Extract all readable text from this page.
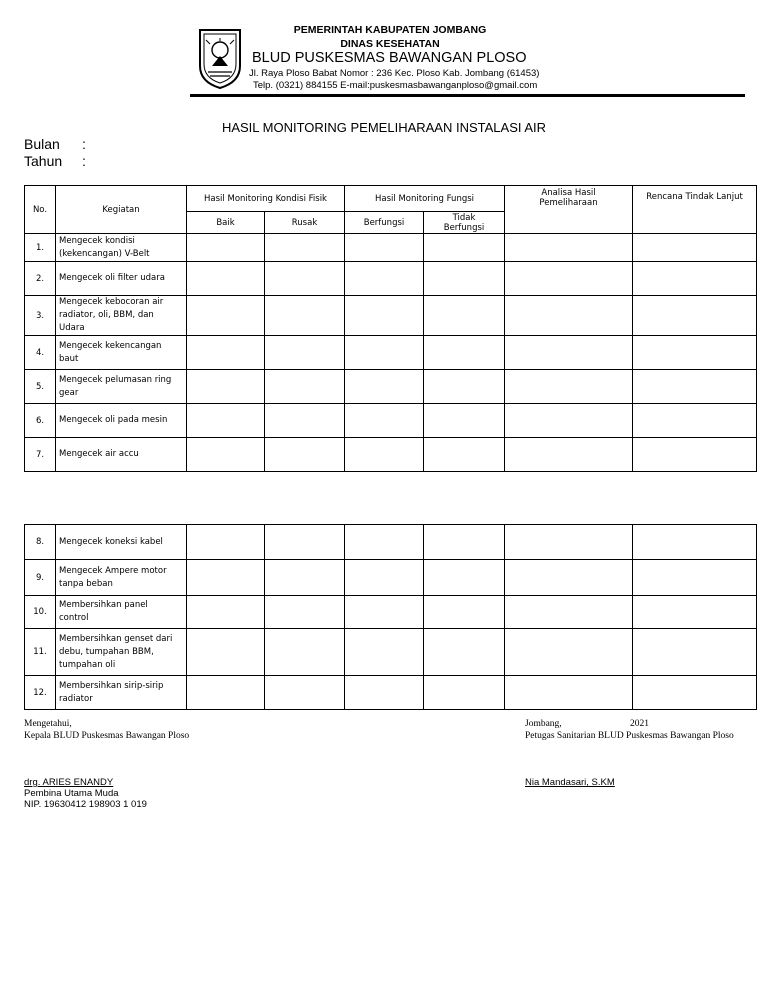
PEMERINTAH KABUPATEN JOMBANG
DINAS KESEHATAN
BLUD PUSKESMAS BAWANGAN PLOSO
Jl. Raya Ploso Babat Nomor : 236 Kec. Ploso Kab. Jombang (61453)
Telp. (0321) 884155 E-mail:puskesmasbawanganploso@gmail.com
HASIL MONITORING PEMELIHARAAN INSTALASI AIR
Bulan :
Tahun :
No.	Kegiatan	Hasil Monitoring Kondisi Fisik		Hasil Monitoring Fungsi		Analisa Hasil Pemeliharaan	Rencana Tindak Lanjut
		Baik	Rusak	Berfungsi	Tidak Berfungsi		
1.	Mengecek kondisi
(kekencangan) V-Belt						

2.	Mengecek oli filter udara						

3.	Mengecek kebocoran air
radiator, oli, BBM, dan
Udara						

4.	Mengecek kekencangan
baut						

5.	Mengecek pelumasan ring
gear						

6.	Mengecek oli pada mesin						

7.	Mengecek air accu						

8.	Mengecek koneksi kabel						

9.	Mengecek Ampere motor
tanpa beban						

10.	Membersihkan panel
control						

11.	Membersihkan genset dari
debu, tumpahan BBM,
tumpahan oli						

12.	Membersihkan sirip-sirip
radiator						

Mengetahui,
Kepala BLUD Puskesmas Bawangan Ploso
drg. ARIES ENANDY
Pembina Utama Muda
NIP. 19630412 198903 1 019
Jombang,	2021
Petugas Sanitarian BLUD Puskesmas Bawangan Ploso
Nia Mandasari, S.KM
